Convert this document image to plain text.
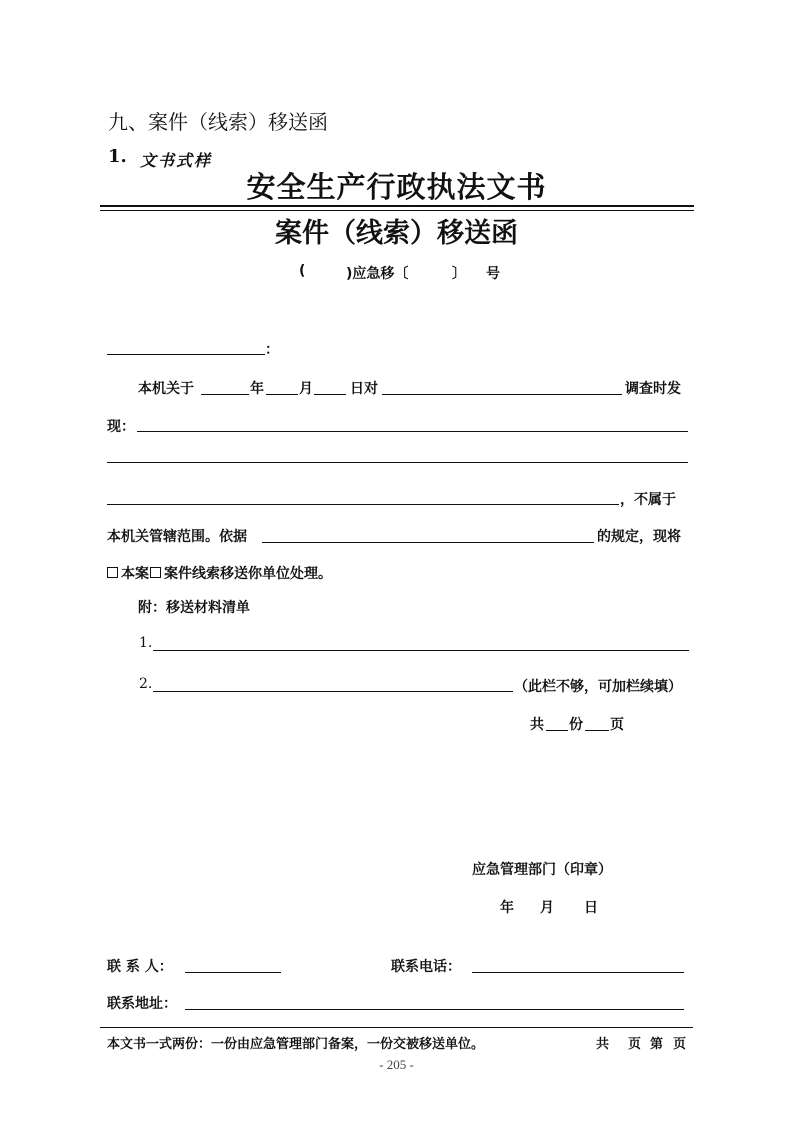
九、案件（线索）移送函
1. 文书式样
安全生产行政执法文书
案件（线索）移送函
(	)应急移〔	〕 号
：
本机关于	年	月	日对	调查时发
现：
，不属于
本机关管辖范围。依据	的规定，现将
本案 案件线索移送你单位处理。
附：移送材料清单
1.
2.	（此栏不够，可加栏续填）
共 份 页
应急管理部门（印章）
年 月 日
联 系 人：	联系电话：
联系地址：
本文书一式两份：一份由应急管理部门备案，一份交被移送单位。	共 页 第 页
- 205 -
